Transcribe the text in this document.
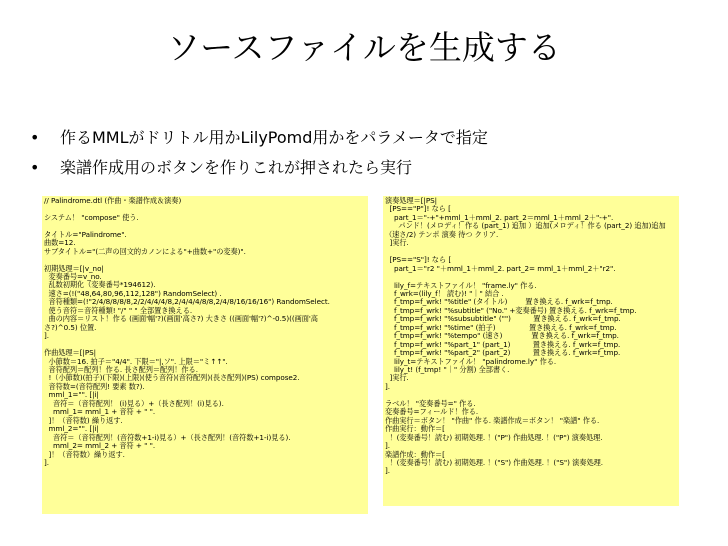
ソースファイルを生成する
• 作るMMLがドリトル用かLilyPomd用かをパラメータで指定
• 楽譜作成用のボタンを作りこれが押されたら実行
// Palindrome.dtl (作曲・楽譜作成＆演奏)
システム！ "compose" 使う.
タイトル="Palindrome".
曲数=12.
サブタイトル="(二声の回文的カノンによる"+曲数+"の変奏)".
初期処理＝[|v_no|
変奏番号=v_no.
乱数初期化（変奏番号*194612).
速さ=(!("48,64,80,96,112,128") RandomSelect) .
音符種類=(!"2/4/8/8/8/8,2/2/4/4/4/8,2/4/4/4/8/8,2/4/8/16/16/16") RandomSelect.
使う音符＝音符種類! "/" " " 全部置き換える.
曲の内容＝リスト！作る (画面'幅'?)(画面'高さ?) 大きさ ((画面'幅'?)^-0.5)((画面'高
さ?)^0.5) 位置.
].
作曲処理＝[|PS|
小節数＝16. 拍子＝"4/4". 下限＝"|,ソ". 上限＝"ミ↑↑".
音符配列＝配列！作る. 長さ配列＝配列！作る.
!（小節数)(拍子)(下限)(上限)(使う音符)(音符配列)(長さ配列)(PS) compose2.
音符数=(音符配列! 要素 数?).
mml_1="". [|i|
音符＝（音符配列！ (i)見る）+（長さ配列！(i)見る).
mml_1= mml_1 + 音符 + " ".
]！（音符数) 繰り返す.
mml_2="". [|i|
音符＝（音符配列！(音符数+1-i)見る）+（長さ配列！(音符数+1-i)見る).
mml_2= mml_2 + 音符 + " ".
]！（音符数）繰り返す.
].
演奏処理＝[|PS|
[PS=="P"]! なら [
part_1＝"-+"+mml_1＋mml_2. part_2＝mml_1＋mml_2＋"-+".
パンド！(メロディ！作る (part_1) 追加 ）追加(メロディ！作る (part_2) 追加)追加
（速さ/2) テンポ 演奏 待つ クリア.
]実行.
[PS=="S"]! なら [
part_1＝"r2 "＋mml_1＋mml_2. part_2= mml_1＋mml_2＋"r2".
lily_f=テキストファイル！ "frame.ly" 作る.
f_wrk=(lily_f！ 読む)! "｜" 結合 .
f_tmp=f_wrk! "%title" (タイトル)        置き換える. f_wrk=f_tmp.
f_tmp=f_wrk! "%subtitle" ("No." +変奏番号) 置き換える. f_wrk=f_tmp.
f_tmp=f_wrk! "%subsubtitle" ("")          置き換える. f_wrk=f_tmp.
f_tmp=f_wrk! "%time" (拍子)               置き換える. f_wrk=f_tmp.
f_tmp=f_wrk! "%tempo" (速さ)             置き換える. f_wrk=f_tmp.
f_tmp=f_wrk! "%part_1" (part_1)          置き換える. f_wrk=f_tmp.
f_tmp=f_wrk! "%part_2" (part_2)          置き換える. f_wrk=f_tmp.
lily_t=テキストファイル！ "palindrome.ly" 作る.
lily_t! (f_tmp! "｜" 分割) 全部書く.
]実行.
].
ラベル！ "変奏番号=" 作る.
変奏番号=フィールド！作る.
作曲実行＝ボタン！ "作曲" 作る. 楽譜作成＝ボタン！ "楽譜" 作る.
作曲実行：動作＝[
！(変奏番号！読む) 初期処理. ！("P") 作曲処理. ！("P") 演奏処理.
].
楽譜作成：動作＝[
！(変奏番号！読む) 初期処理. ！("S") 作曲処理. ！("S") 演奏処理.
].
